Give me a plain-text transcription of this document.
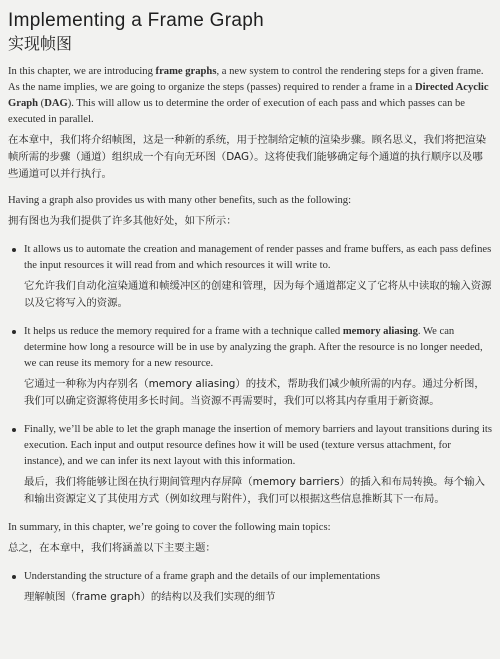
Implementing a Frame Graph
实现帧图

In this chapter, we are introducing frame graphs, a new system to control the rendering steps for a given frame. As the name implies, we are going to organize the steps (passes) required to render a frame in a Directed Acyclic Graph (DAG). This will allow us to determine the order of execution of each pass and which passes can be executed in parallel.

在本章中，我们将介绍帧图，这是一种新的系统，用于控制给定帧的渲染步骤。顾名思义，我们将把渲染帧所需的步骤（通道）组织成一个有向无环图（DAG）。这将使我们能够确定每个通道的执行顺序以及哪些通道可以并行执行。

Having a graph also provides us with many other benefits, such as the following:

拥有图也为我们提供了许多其他好处，如下所示：

It allows us to automate the creation and management of render passes and frame buffers, as each pass defines the input resources it will read from and which resources it will write to.

它允许我们自动化渲染通道和帧缓冲区的创建和管理，因为每个通道都定义了它将从中读取的输入资源以及它将写入的资源。

It helps us reduce the memory required for a frame with a technique called memory aliasing. We can determine how long a resource will be in use by analyzing the graph. After the resource is no longer needed, we can reuse its memory for a new resource.

它通过一种称为内存别名（memory aliasing）的技术，帮助我们减少帧所需的内存。通过分析图，我们可以确定资源将使用多长时间。当资源不再需要时，我们可以将其内存重用于新资源。

Finally, we’ll be able to let the graph manage the insertion of memory barriers and layout transitions during its execution. Each input and output resource defines how it will be used (texture versus attachment, for instance), and we can infer its next layout with this information.

最后，我们将能够让图在执行期间管理内存屏障（memory barriers）的插入和布局转换。每个输入和输出资源定义了其使用方式（例如纹理与附件），我们可以根据这些信息推断其下一布局。

In summary, in this chapter, we’re going to cover the following main topics:

总之，在本章中，我们将涵盖以下主要主题：

Understanding the structure of a frame graph and the details of our implementations

理解帧图（frame graph）的结构以及我们实现的细节
